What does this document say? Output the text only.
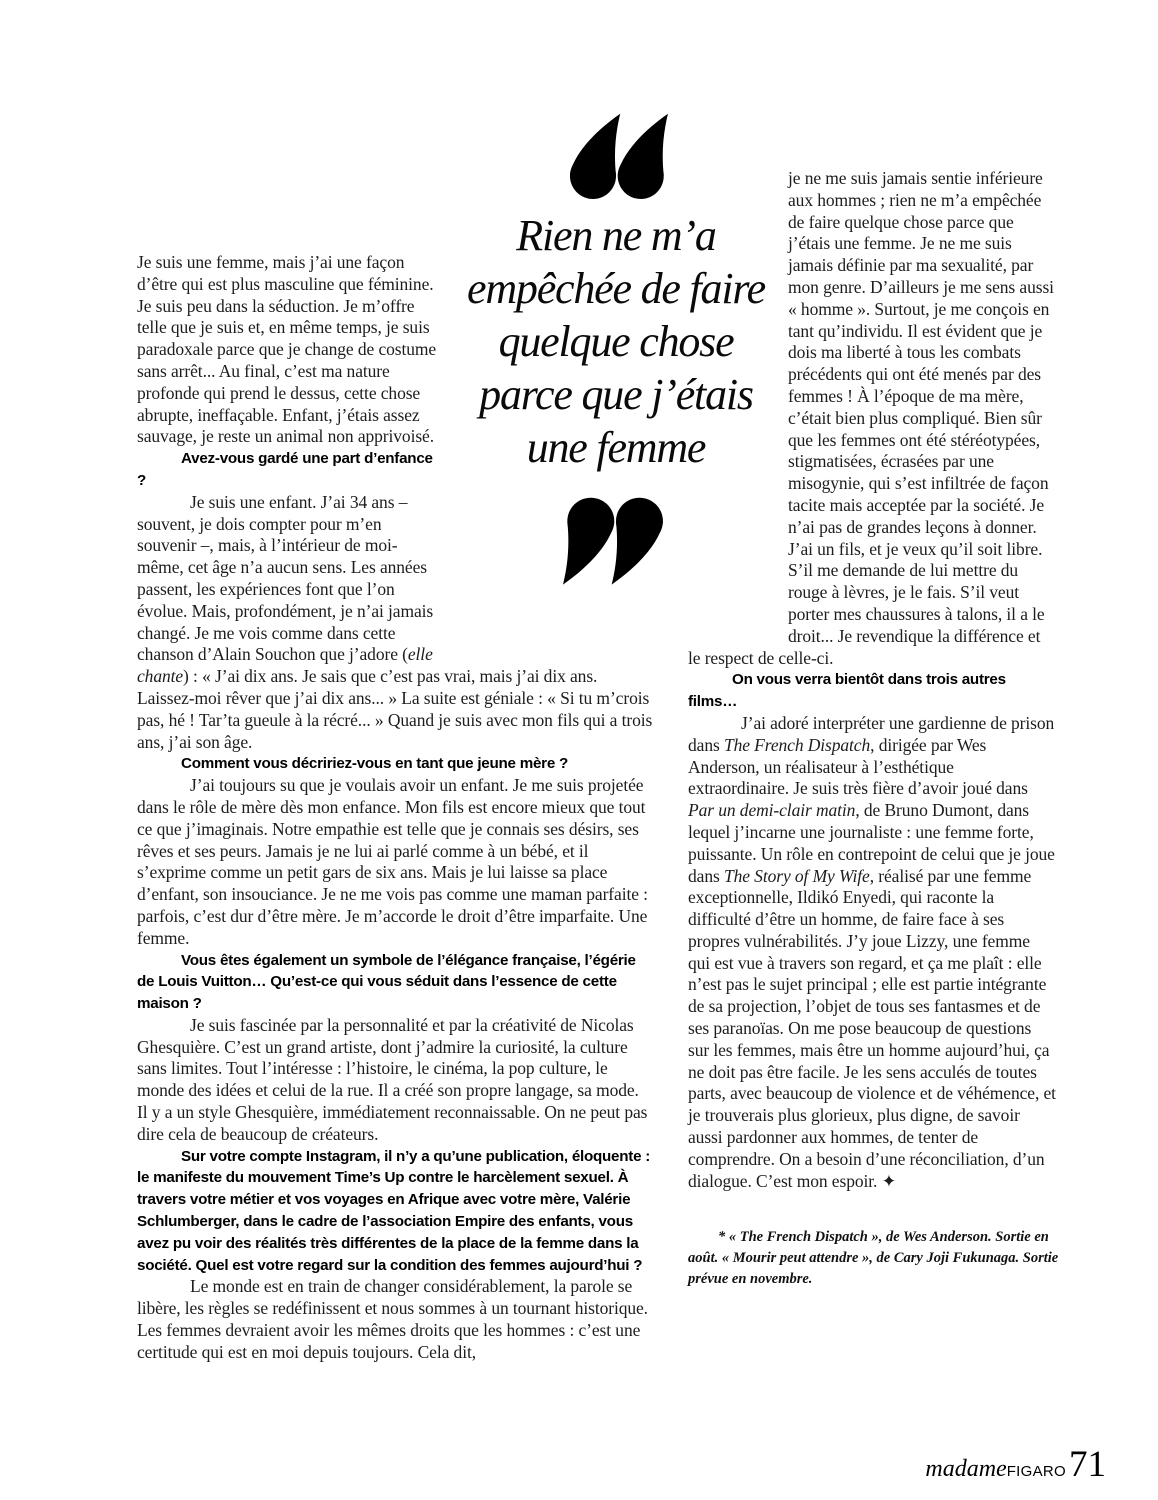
Rien ne m’a
empêchée de faire
quelque chose
parce que j’étais
une femme

Je suis une femme, mais j’ai une façon d’être qui est plus masculine que féminine. Je suis peu dans la séduction. Je m’offre telle que je suis et, en même temps, je suis paradoxale parce que je change de costume sans arrêt... Au final, c’est ma nature profonde qui prend le dessus, cette chose abrupte, ineffaçable. Enfant, j’étais assez sauvage, je reste un animal non apprivoisé.

Avez-vous gardé une part d’enfance ?

Je suis une enfant. J’ai 34 ans – souvent, je dois compter pour m’en souvenir –, mais, à l’intérieur de moi-même, cet âge n’a aucun sens. Les années passent, les expériences font que l’on évolue. Mais, profondément, je n’ai jamais changé. Je me vois comme dans cette chanson d’Alain Souchon que j’adore (elle chante) : « J’ai dix ans. Je sais que c’est pas vrai, mais j’ai dix ans. Laissez-moi rêver que j’ai dix ans... » La suite est géniale : « Si tu m’crois pas, hé ! Tar’ta gueule à la récré... » Quand je suis avec mon fils qui a trois ans, j’ai son âge.

Comment vous décririez-vous en tant que jeune mère ?

J’ai toujours su que je voulais avoir un enfant. Je me suis projetée dans le rôle de mère dès mon enfance. Mon fils est encore mieux que tout ce que j’imaginais. Notre empathie est telle que je connais ses désirs, ses rêves et ses peurs. Jamais je ne lui ai parlé comme à un bébé, et il s’exprime comme un petit gars de six ans. Mais je lui laisse sa place d’enfant, son insouciance. Je ne me vois pas comme une maman parfaite : parfois, c’est dur d’être mère. Je m’accorde le droit d’être imparfaite. Une femme.

Vous êtes également un symbole de l’élégance française, l’égérie de Louis Vuitton… Qu’est-ce qui vous séduit dans l’essence de cette maison ?

Je suis fascinée par la personnalité et par la créativité de Nicolas Ghesquière. C’est un grand artiste, dont j’admire la curiosité, la culture sans limites. Tout l’intéresse : l’histoire, le cinéma, la pop culture, le monde des idées et celui de la rue. Il a créé son propre langage, sa mode. Il y a un style Ghesquière, immédiatement reconnaissable. On ne peut pas dire cela de beaucoup de créateurs.

Sur votre compte Instagram, il n’y a qu’une publication, éloquente : le manifeste du mouvement Time’s Up contre le harcèlement sexuel. À travers votre métier et vos voyages en Afrique avec votre mère, Valérie Schlumberger, dans le cadre de l’association Empire des enfants, vous avez pu voir des réalités très différentes de la place de la femme dans la société. Quel est votre regard sur la condition des femmes aujourd’hui ?

Le monde est en train de changer considérablement, la parole se libère, les règles se redéfinissent et nous sommes à un tournant historique. Les femmes devraient avoir les mêmes droits que les hommes : c’est une certitude qui est en moi depuis toujours. Cela dit,

je ne me suis jamais sentie inférieure aux hommes ; rien ne m’a empêchée de faire quelque chose parce que j’étais une femme. Je ne me suis jamais définie par ma sexualité, par mon genre. D’ailleurs je me sens aussi « homme ». Surtout, je me conçois en tant qu’individu. Il est évident que je dois ma liberté à tous les combats précédents qui ont été menés par des femmes ! À l’époque de ma mère, c’était bien plus compliqué. Bien sûr que les femmes ont été stéréotypées, stigmatisées, écrasées par une misogynie, qui s’est infiltrée de façon tacite mais acceptée par la société. Je n’ai pas de grandes leçons à donner. J’ai un fils, et je veux qu’il soit libre. S’il me demande de lui mettre du rouge à lèvres, je le fais. S’il veut porter mes chaussures à talons, il a le droit... Je revendique la différence et le respect de celle-ci.

On vous verra bientôt dans trois autres films…

J’ai adoré interpréter une gardienne de prison dans The French Dispatch, dirigée par Wes Anderson, un réalisateur à l’esthétique extraordinaire. Je suis très fière d’avoir joué dans Par un demi-clair matin, de Bruno Dumont, dans lequel j’incarne une journaliste : une femme forte, puissante. Un rôle en contrepoint de celui que je joue dans The Story of My Wife, réalisé par une femme exceptionnelle, Ildikó Enyedi, qui raconte la difficulté d’être un homme, de faire face à ses propres vulnérabilités. J’y joue Lizzy, une femme qui est vue à travers son regard, et ça me plaît : elle n’est pas le sujet principal ; elle est partie intégrante de sa projection, l’objet de tous ses fantasmes et de ses paranoïas. On me pose beaucoup de questions sur les femmes, mais être un homme aujourd’hui, ça ne doit pas être facile. Je les sens acculés de toutes parts, avec beaucoup de violence et de véhémence, et je trouverais plus glorieux, plus digne, de savoir aussi pardonner aux hommes, de tenter de comprendre. On a besoin d’une réconciliation, d’un dialogue. C’est mon espoir. ✦

* « The French Dispatch », de Wes Anderson. Sortie en août. « Mourir peut attendre », de Cary Joji Fukunaga. Sortie prévue en novembre.

madame FIGARO 71
